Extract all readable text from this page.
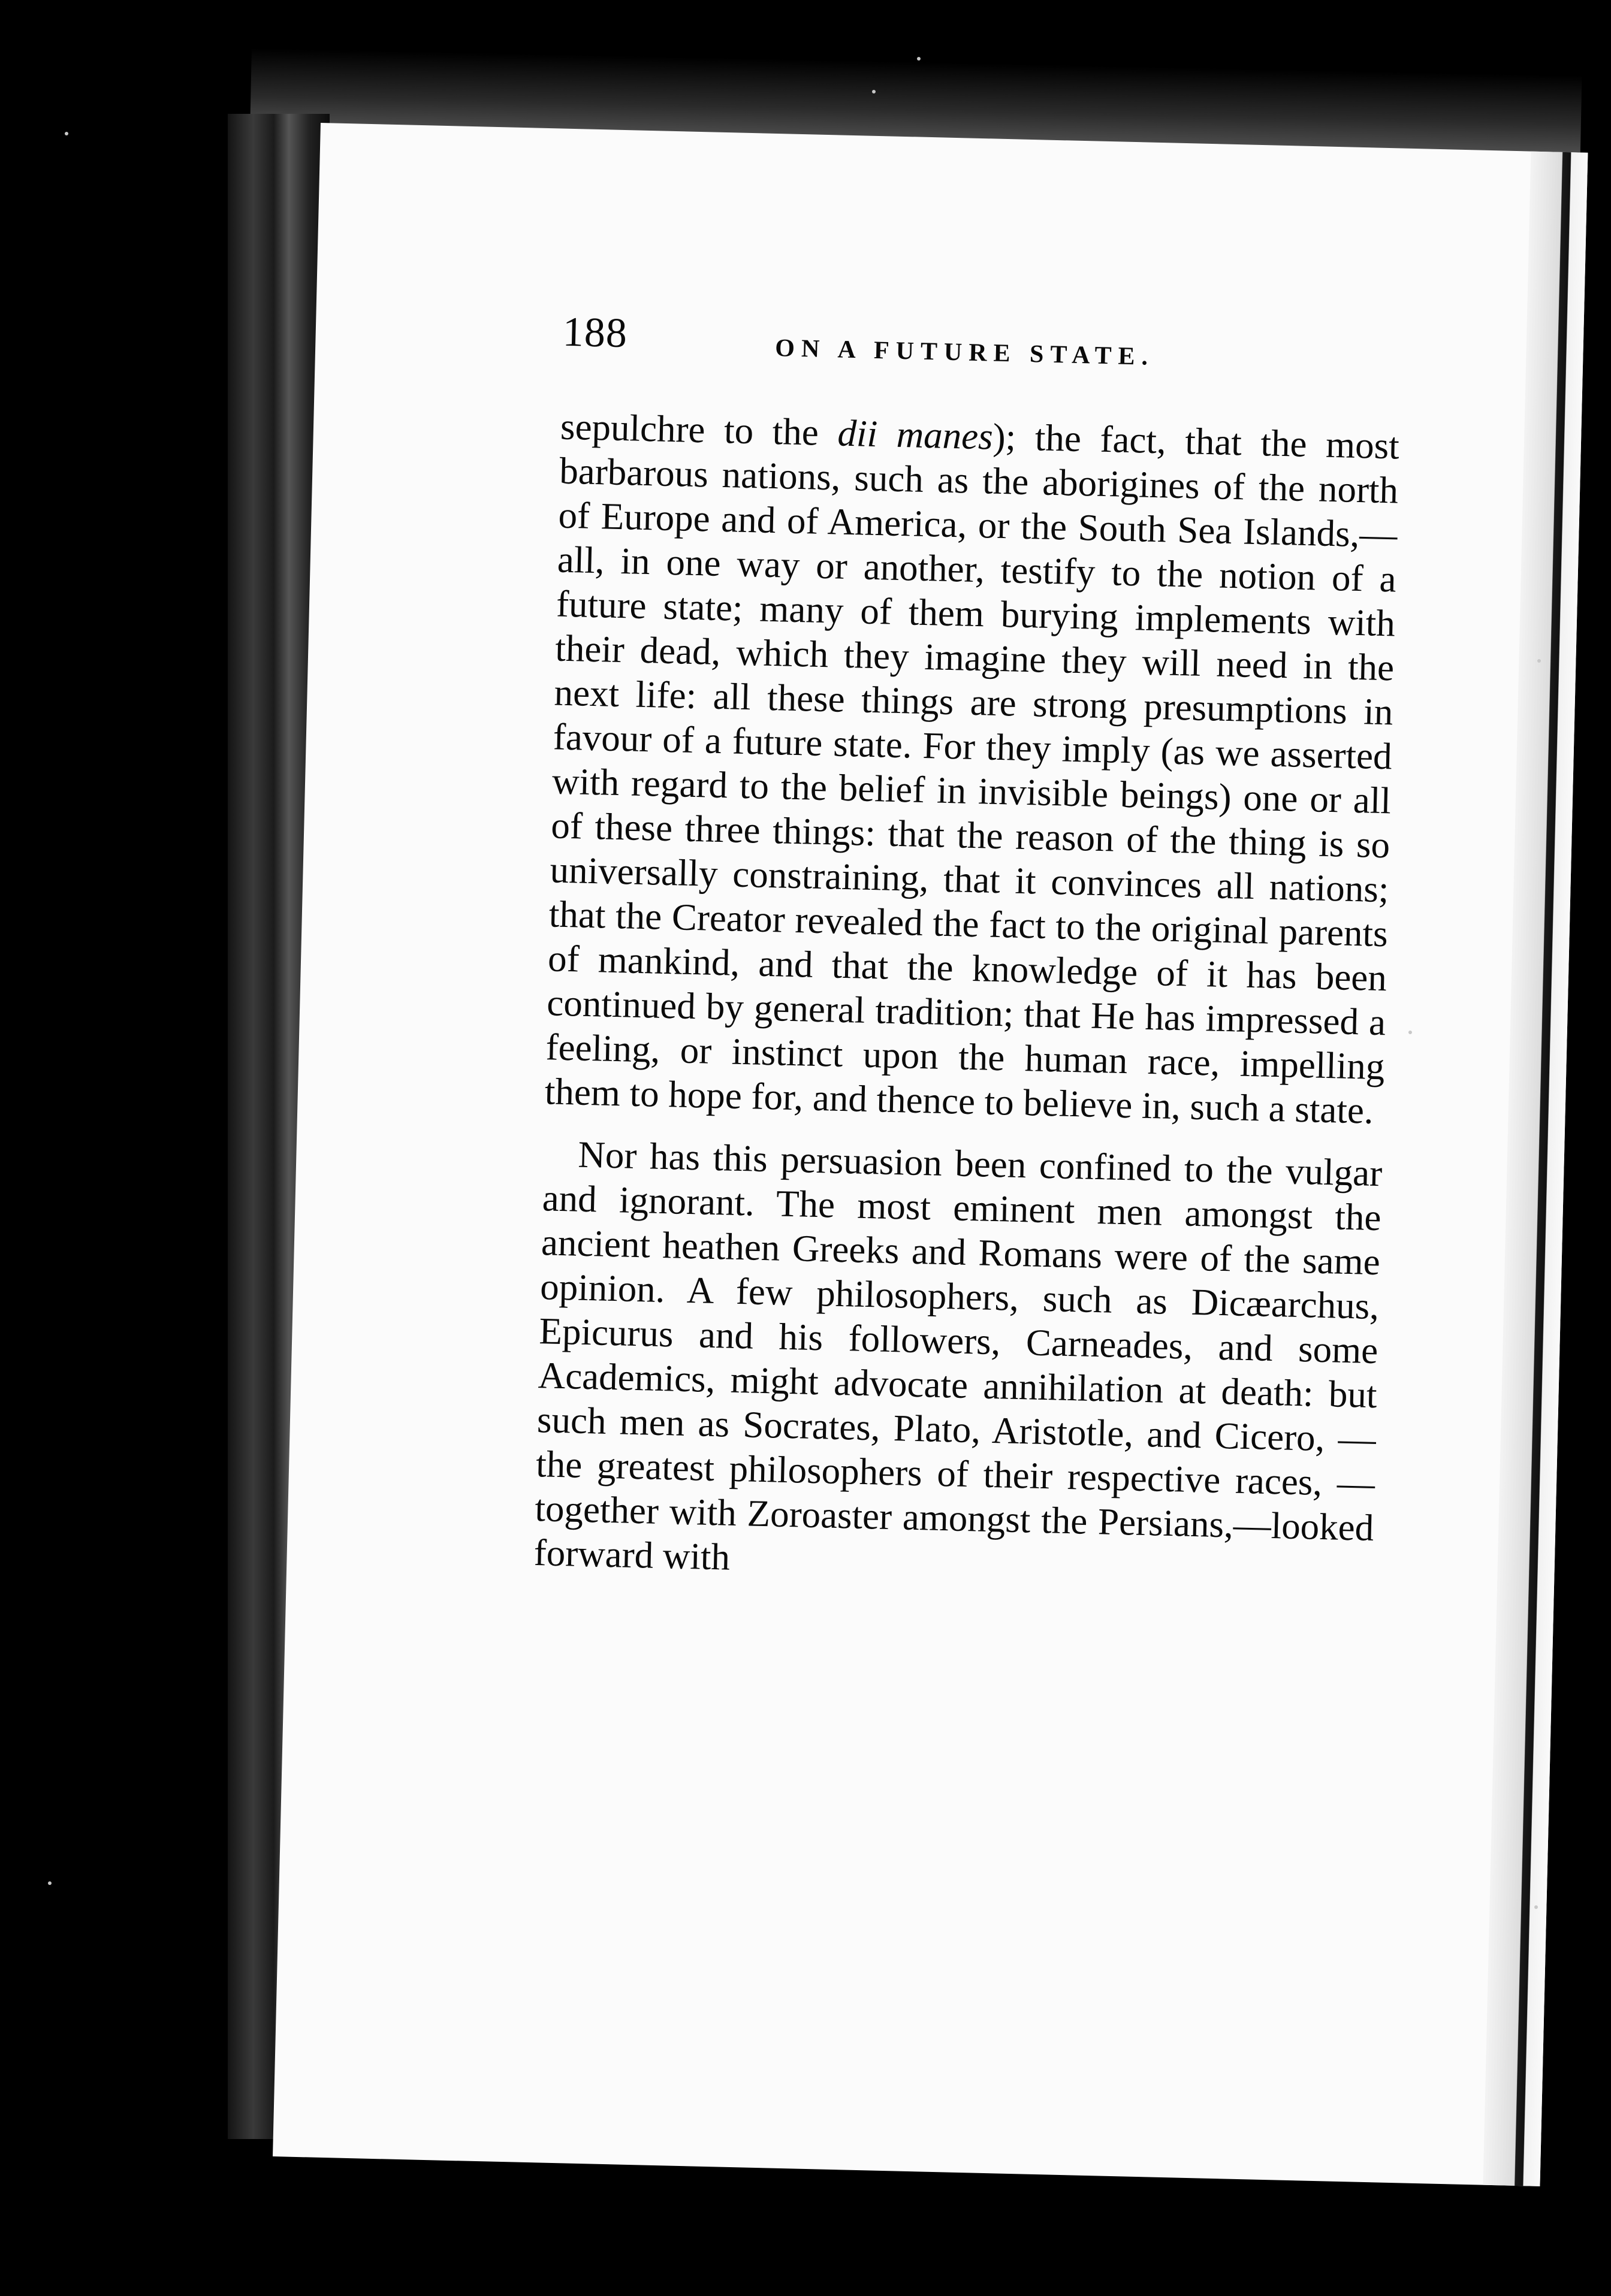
188	ON A FUTURE STATE.

sepulchre to the dii manes); the fact, that the most barbarous nations, such as the aborigines of the north of Europe and of America, or the South Sea Islands,—all, in one way or another, testify to the notion of a future state; many of them burying implements with their dead, which they imagine they will need in the next life: all these things are strong presumptions in favour of a future state. For they imply (as we asserted with regard to the belief in invisible beings) one or all of these three things: that the reason of the thing is so universally constraining, that it convinces all nations; that the Creator revealed the fact to the original parents of mankind, and that the knowledge of it has been continued by general tradition; that He has impressed a feeling, or instinct upon the human race, impelling them to hope for, and thence to believe in, such a state.

Nor has this persuasion been confined to the vulgar and ignorant. The most eminent men amongst the ancient heathen Greeks and Romans were of the same opinion. A few philosophers, such as Dicæarchus, Epicurus and his followers, Carneades, and some Academics, might advocate annihilation at death: but such men as Socrates, Plato, Aristotle, and Cicero, — the greatest philosophers of their respective races, — together with Zoroaster amongst the Persians,—looked forward with
